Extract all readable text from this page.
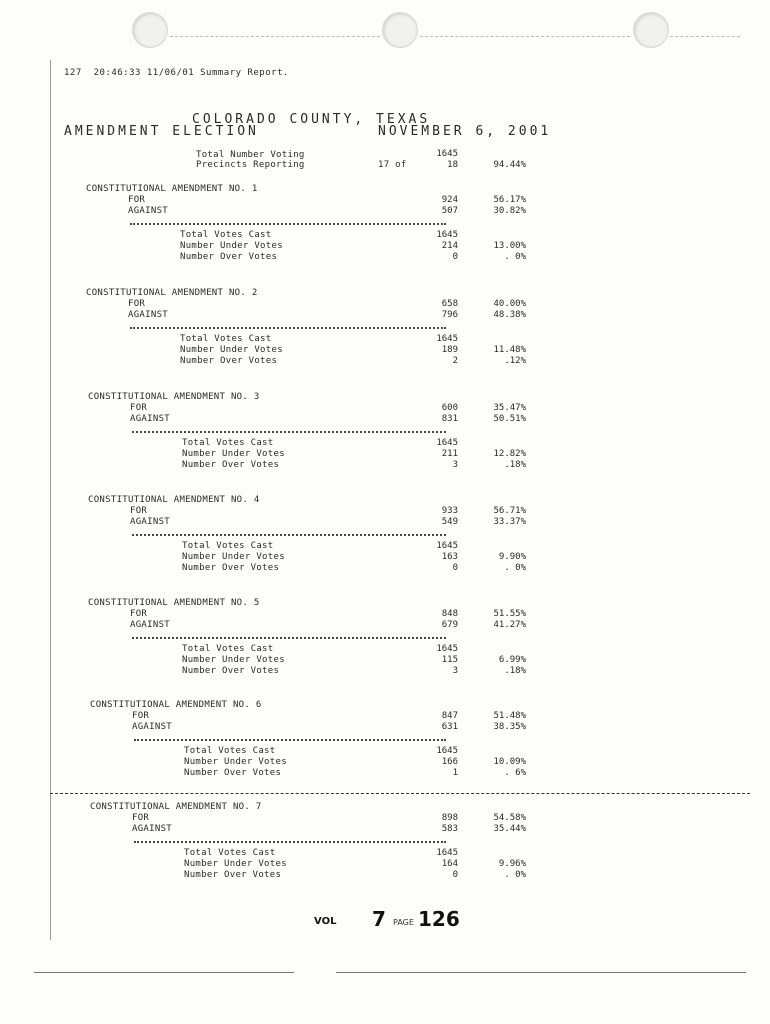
127  20:46:33 11/06/01 Summary Report.
COLORADO COUNTY, TEXAS
AMENDMENT ELECTION	NOVEMBER 6, 2001
Total Number Voting	1645
Precincts Reporting	17 of	18	94.44%
CONSTITUTIONAL AMENDMENT NO. 1
FOR	924	56.17%
AGAINST	507	30.82%
Total Votes Cast	1645
Number Under Votes	214	13.00%
Number Over Votes	0	. 0%
CONSTITUTIONAL AMENDMENT NO. 2
FOR	658	40.00%
AGAINST	796	48.38%
Total Votes Cast	1645
Number Under Votes	189	11.48%
Number Over Votes	2	.12%
CONSTITUTIONAL AMENDMENT NO. 3
FOR	600	35.47%
AGAINST	831	50.51%
Total Votes Cast	1645
Number Under Votes	211	12.82%
Number Over Votes	3	.18%
CONSTITUTIONAL AMENDMENT NO. 4
FOR	933	56.71%
AGAINST	549	33.37%
Total Votes Cast	1645
Number Under Votes	163	9.90%
Number Over Votes	0	. 0%
CONSTITUTIONAL AMENDMENT NO. 5
FOR	848	51.55%
AGAINST	679	41.27%
Total Votes Cast	1645
Number Under Votes	115	6.99%
Number Over Votes	3	.18%
CONSTITUTIONAL AMENDMENT NO. 6
FOR	847	51.48%
AGAINST	631	38.35%
Total Votes Cast	1645
Number Under Votes	166	10.09%
Number Over Votes	1	. 6%
CONSTITUTIONAL AMENDMENT NO. 7
FOR	898	54.58%
AGAINST	583	35.44%
Total Votes Cast	1645
Number Under Votes	164	9.96%
Number Over Votes	0	. 0%
VOL 7 PAGE 126
